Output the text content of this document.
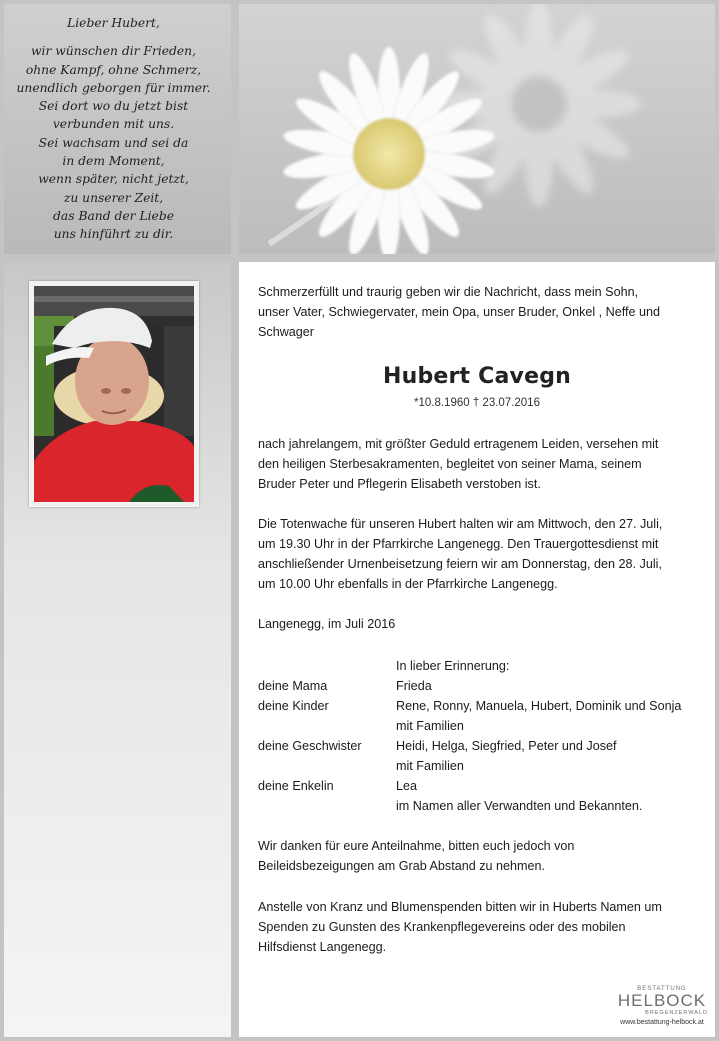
Lieber Hubert,
wir wünschen dir Frieden,
ohne Kampf, ohne Schmerz,
unendlich geborgen für immer.
Sei dort wo du jetzt bist
verbunden mit uns.
Sei wachsam und sei da
in dem Moment,
wenn später, nicht jetzt,
zu unserer Zeit,
das Band der Liebe
uns hinführt zu dir.
Schmerzerfüllt und traurig geben wir die Nachricht, dass mein Sohn,
unser Vater, Schwiegervater, mein Opa, unser Bruder, Onkel , Neffe und
Schwager
Hubert Cavegn
*10.8.1960 † 23.07.2016
nach jahrelangem, mit größter Geduld ertragenem Leiden, versehen mit
den heiligen Sterbesakramenten, begleitet von seiner Mama, seinem
Bruder Peter und Pflegerin Elisabeth verstoben ist.
Die Totenwache für unseren Hubert halten wir am Mittwoch, den 27. Juli,
um 19.30 Uhr in der Pfarrkirche Langenegg. Den Trauergottesdienst mit
anschließender Urnenbeisetzung feiern wir am Donnerstag, den 28. Juli,
um 10.00 Uhr ebenfalls in der Pfarrkirche Langenegg.
Langenegg, im Juli 2016
In lieber Erinnerung:
deine Mama	Frieda
deine Kinder	Rene, Ronny, Manuela, Hubert, Dominik und Sonja
mit Familien
deine Geschwister	Heidi, Helga, Siegfried, Peter und Josef
mit Familien
deine Enkelin	Lea
im Namen aller Verwandten und Bekannten.
Wir danken für eure Anteilnahme, bitten euch jedoch von
Beileidsbezeigungen am Grab Abstand zu nehmen.
Anstelle von Kranz und Blumenspenden bitten wir in Huberts Namen um
Spenden zu Gunsten des Krankenpflegevereins oder des mobilen
Hilfsdienst Langenegg.
BESTATTUNG
HELBOCK
BREGENZERWALD
www.bestattung-helbock.at
